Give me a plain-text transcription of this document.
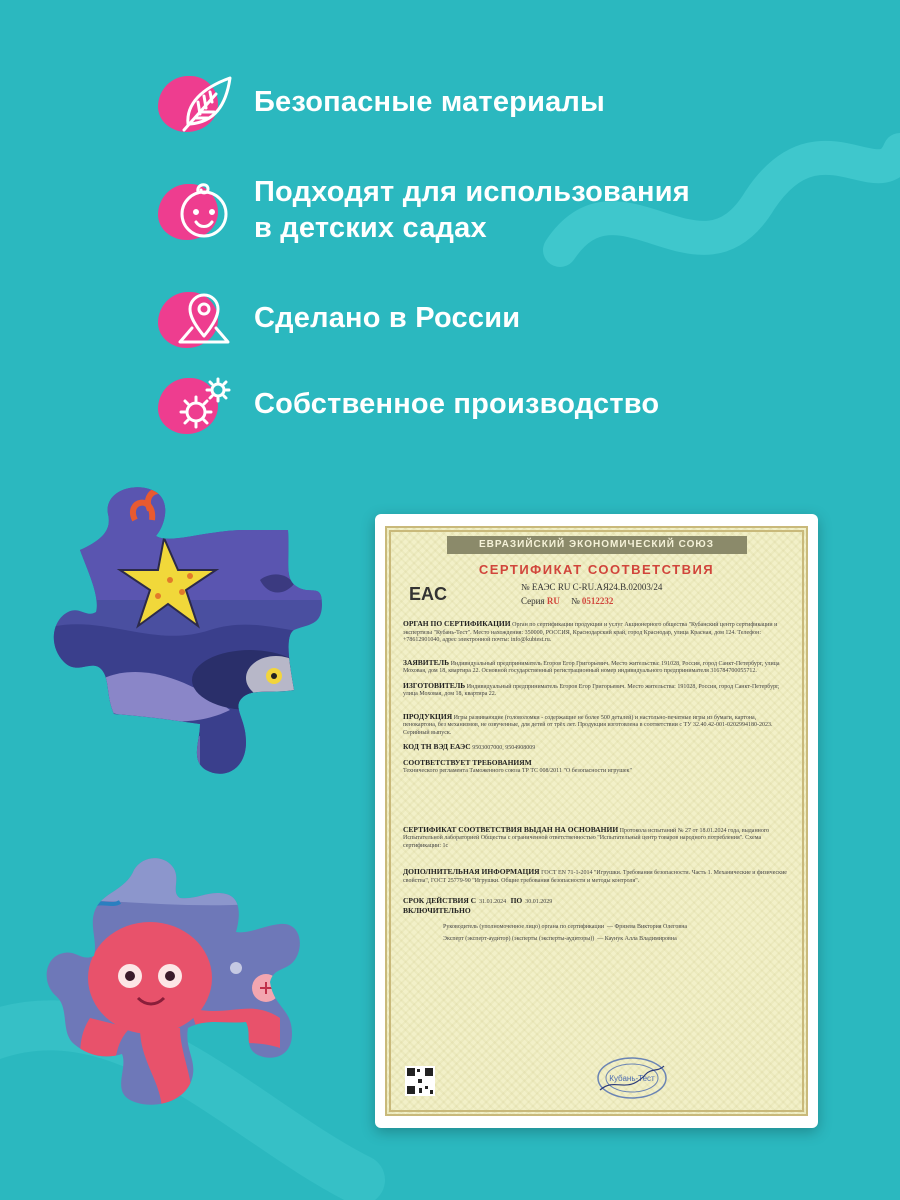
Безопасные материалы
Подходят для использования
в детских садах
Сделано в России
Собственное производство
ЕВРАЗИЙСКИЙ ЭКОНОМИЧЕСКИЙ СОЮЗ
СЕРТИФИКАТ СООТВЕТСТВИЯ
EAC	№ ЕАЭС RU C-RU.АЯ24.В.02003/24
Серия RU № 0512232
ОРГАН ПО СЕРТИФИКАЦИИ Орган по сертификации продукции и услуг Акционерного общества "Кубанский центр сертификации и экспертизы "Кубань-Тест". Место нахождения: 350000, РОССИЯ, Краснодарский край, город Краснодар, улица Красная, дом 124. Телефон: +78612901040, адрес электронной почты: info@kubtest.ru.
ЗАЯВИТЕЛЬ Индивидуальный предприниматель Егоров Егор Григорьевич. Место жительства: 191028, Россия, город Санкт-Петербург, улица Моховая, дом 18, квартира 22. Основной государственный регистрационный номер индивидуального предпринимателя 316784700055712.
ИЗГОТОВИТЕЛЬ Индивидуальный предприниматель Егоров Егор Григорьевич. Место жительства: 191028, Россия, город Санкт-Петербург, улица Моховая, дом 18, квартира 22.
ПРОДУКЦИЯ Игры развивающие (головоломки - содержащие не более 500 деталей) и настольно-печатные игры из бумаги, картона, пенокартона, без механизмов, не озвученные, для детей от трёх лет. Продукция изготовлена в соответствии с ТУ 32.40.42-001-0202994180-2023. Серийный выпуск.
КОД ТН ВЭД ЕАЭС 9503007000, 9504908009
СООТВЕТСТВУЕТ ТРЕБОВАНИЯМ
Технического регламента Таможенного союза ТР ТС 008/2011 "О безопасности игрушек"
СЕРТИФИКАТ СООТВЕТСТВИЯ ВЫДАН НА ОСНОВАНИИ Протокола испытаний № 27 от 18.01.2024 года, выданного Испытательной лабораторией Общества с ограниченной ответственностью "Испытательный центр товаров народного потребления". Схема сертификации: 1с
ДОПОЛНИТЕЛЬНАЯ ИНФОРМАЦИЯ ГОСТ EN 71-1-2014 "Игрушки. Требования безопасности. Часть 1. Механические и физические свойства", ГОСТ 25779-90 "Игрушки. Общие требования безопасности и методы контроля".
СРОК ДЕЙСТВИЯ С 31.01.2024 ПО 30.01.2029
ВКЛЮЧИТЕЛЬНО
Руководитель (уполномоченное лицо) органа по сертификации  — Фрязева Виктория Олеговна
Эксперт (эксперт-аудитор) (эксперты (эксперты-аудиторы))  — Каунук Алла Владимировна
Кубань-Тест
